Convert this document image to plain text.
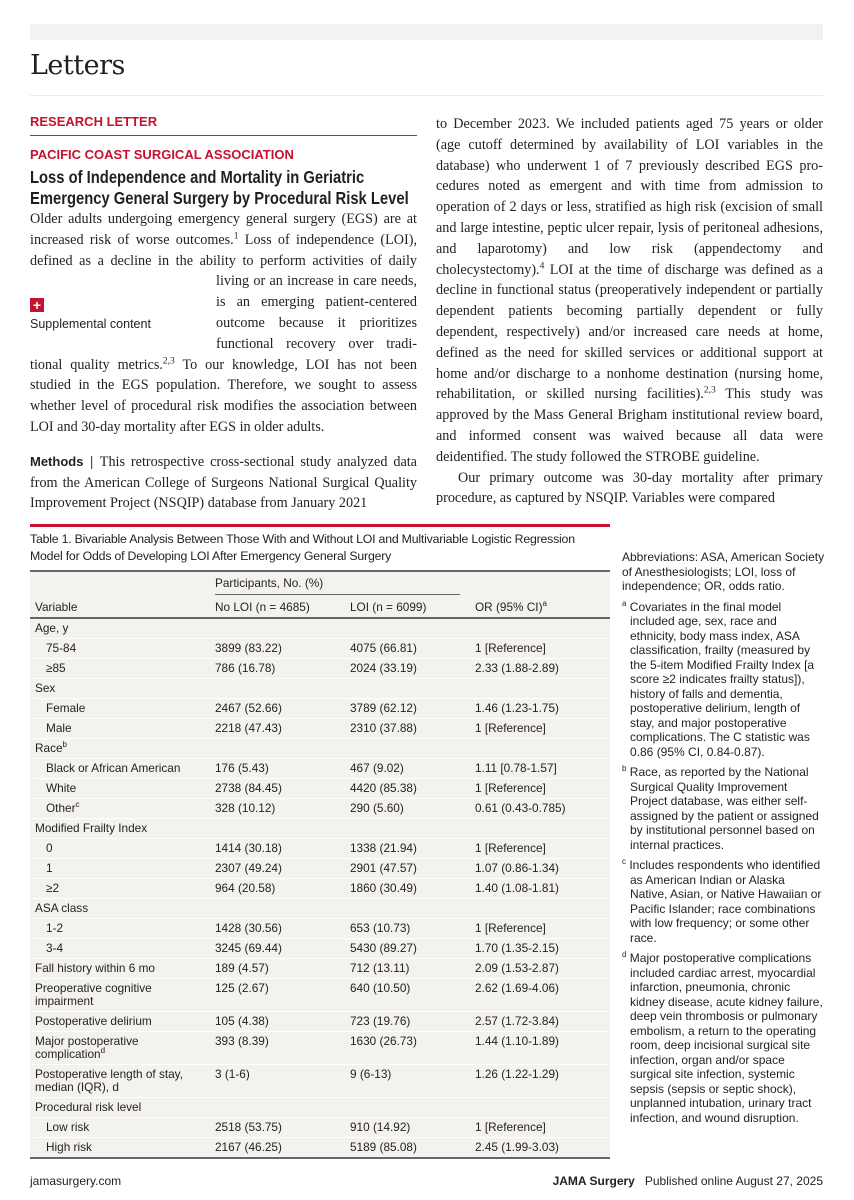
Letters
RESEARCH LETTER
PACIFIC COAST SURGICAL ASSOCIATION
Loss of Independence and Mortality in Geriatric Emergency General Surgery by Procedural Risk Level

+
Supplemental content
Older adults undergoing emergency general surgery (EGS) are at increased risk of worse outcomes.$^1$ Loss of independence (LOI), defined as a decline in the ability to perform activities of daily living or an increase in care needs, is an emerging patient-centered outcome because it prioritizes functional recovery over traditional quality metrics.$^{2,3}$ To our knowledge, LOI has not been studied in the EGS population. Therefore, we sought to assess whether level of procedural risk modifies the association between LOI and 30-day mortality after EGS in older adults.

Methods | This retrospective cross-sectional study analyzed data from the American College of Surgeons National Surgical Quality Improvement Project (NSQIP) database from January 2021

to December 2023. We included patients aged 75 years or older (age cutoff determined by availability of LOI variables in the database) who underwent 1 of 7 previously described EGS procedures noted as emergent and with time from admission to operation of 2 days or less, stratified as high risk (excision of small and large intestine, peptic ulcer repair, lysis of peritoneal adhesions, and laparotomy) and low risk (appendectomy and cholecystectomy).$^4$ LOI at the time of discharge was defined as a decline in functional status (preoperatively independent or partially dependent patients becoming partially dependent or fully dependent, respectively) and/or increased care needs at home, defined as the need for skilled services or additional support at home and/or discharge to a nonhome destination (nursing home, rehabilitation, or skilled nursing facilities).$^{2,3}$ This study was approved by the Mass General Brigham institutional review board, and informed consent was waived because all data were deidentified. The study followed the STROBE guideline.

Our primary outcome was 30-day mortality after primary procedure, as captured by NSQIP. Variables were compared

Table 1. Bivariable Analysis Between Those With and Without LOI and Multivariable Logistic Regression Model for Odds of Developing LOI After Emergency General Surgery

	Participants, No. (%)		

Variable	No LOI (n = 4685)	LOI (n = 6099)	OR (95% CI)$^a$
Age, y			
75-84	3899 (83.22)	4075 (66.81)	1 [Reference]
≥85	786 (16.78)	2024 (33.19)	2.33 (1.88-2.89)
Sex			
Female	2467 (52.66)	3789 (62.12)	1.46 (1.23-1.75)
Male	2218 (47.43)	2310 (37.88)	1 [Reference]
Race$^b$			
Black or African American	176 (5.43)	467 (9.02)	1.11 [0.78-1.57]
White	2738 (84.45)	4420 (85.38)	1 [Reference]
Other$^c$	328 (10.12)	290 (5.60)	0.61 (0.43-0.785)
Modified Frailty Index			
0	1414 (30.18)	1338 (21.94)	1 [Reference]
1	2307 (49.24)	2901 (47.57)	1.07 (0.86-1.34)
≥2	964 (20.58)	1860 (30.49)	1.40 (1.08-1.81)
ASA class			
1-2	1428 (30.56)	653 (10.73)	1 [Reference]
3-4	3245 (69.44)	5430 (89.27)	1.70 (1.35-2.15)
Fall history within 6 mo	189 (4.57)	712 (13.11)	2.09 (1.53-2.87)
Preoperative cognitive impairment	125 (2.67)	640 (10.50)	2.62 (1.69-4.06)
Postoperative delirium	105 (4.38)	723 (19.76)	2.57 (1.72-3.84)
Major postoperative complication$^d$	393 (8.39)	1630 (26.73)	1.44 (1.10-1.89)
Postoperative length of stay, median (IQR), d	3 (1-6)	9 (6-13)	1.26 (1.22-1.29)
Procedural risk level			
Low risk	2518 (53.75)	910 (14.92)	1 [Reference]
High risk	2167 (46.25)	5189 (85.08)	2.45 (1.99-3.03)

Abbreviations: ASA, American Society of Anesthesiologists; LOI, loss of independence; OR, odds ratio.

$^a$ Covariates in the final model included age, sex, race and ethnicity, body mass index, ASA classification, frailty (measured by the 5-item Modified Frailty Index [a score ≥2 indicates frailty status]), history of falls and dementia, postoperative delirium, length of stay, and major postoperative complications. The C statistic was 0.86 (95% CI, 0.84-0.87).

$^b$ Race, as reported by the National Surgical Quality Improvement Project database, was either self-assigned by the patient or assigned by institutional personnel based on internal practices.

$^c$ Includes respondents who identified as American Indian or Alaska Native, Asian, or Native Hawaiian or Pacific Islander; race combinations with low frequency; or some other race.

$^d$ Major postoperative complications included cardiac arrest, myocardial infarction, pneumonia, chronic kidney disease, acute kidney failure, deep vein thrombosis or pulmonary embolism, a return to the operating room, deep incisional surgical site infection, organ and/or space surgical site infection, systemic sepsis (sepsis or septic shock), unplanned intubation, urinary tract infection, and wound disruption.

jamasurgery.com	JAMA Surgery Published online August 27, 2025
